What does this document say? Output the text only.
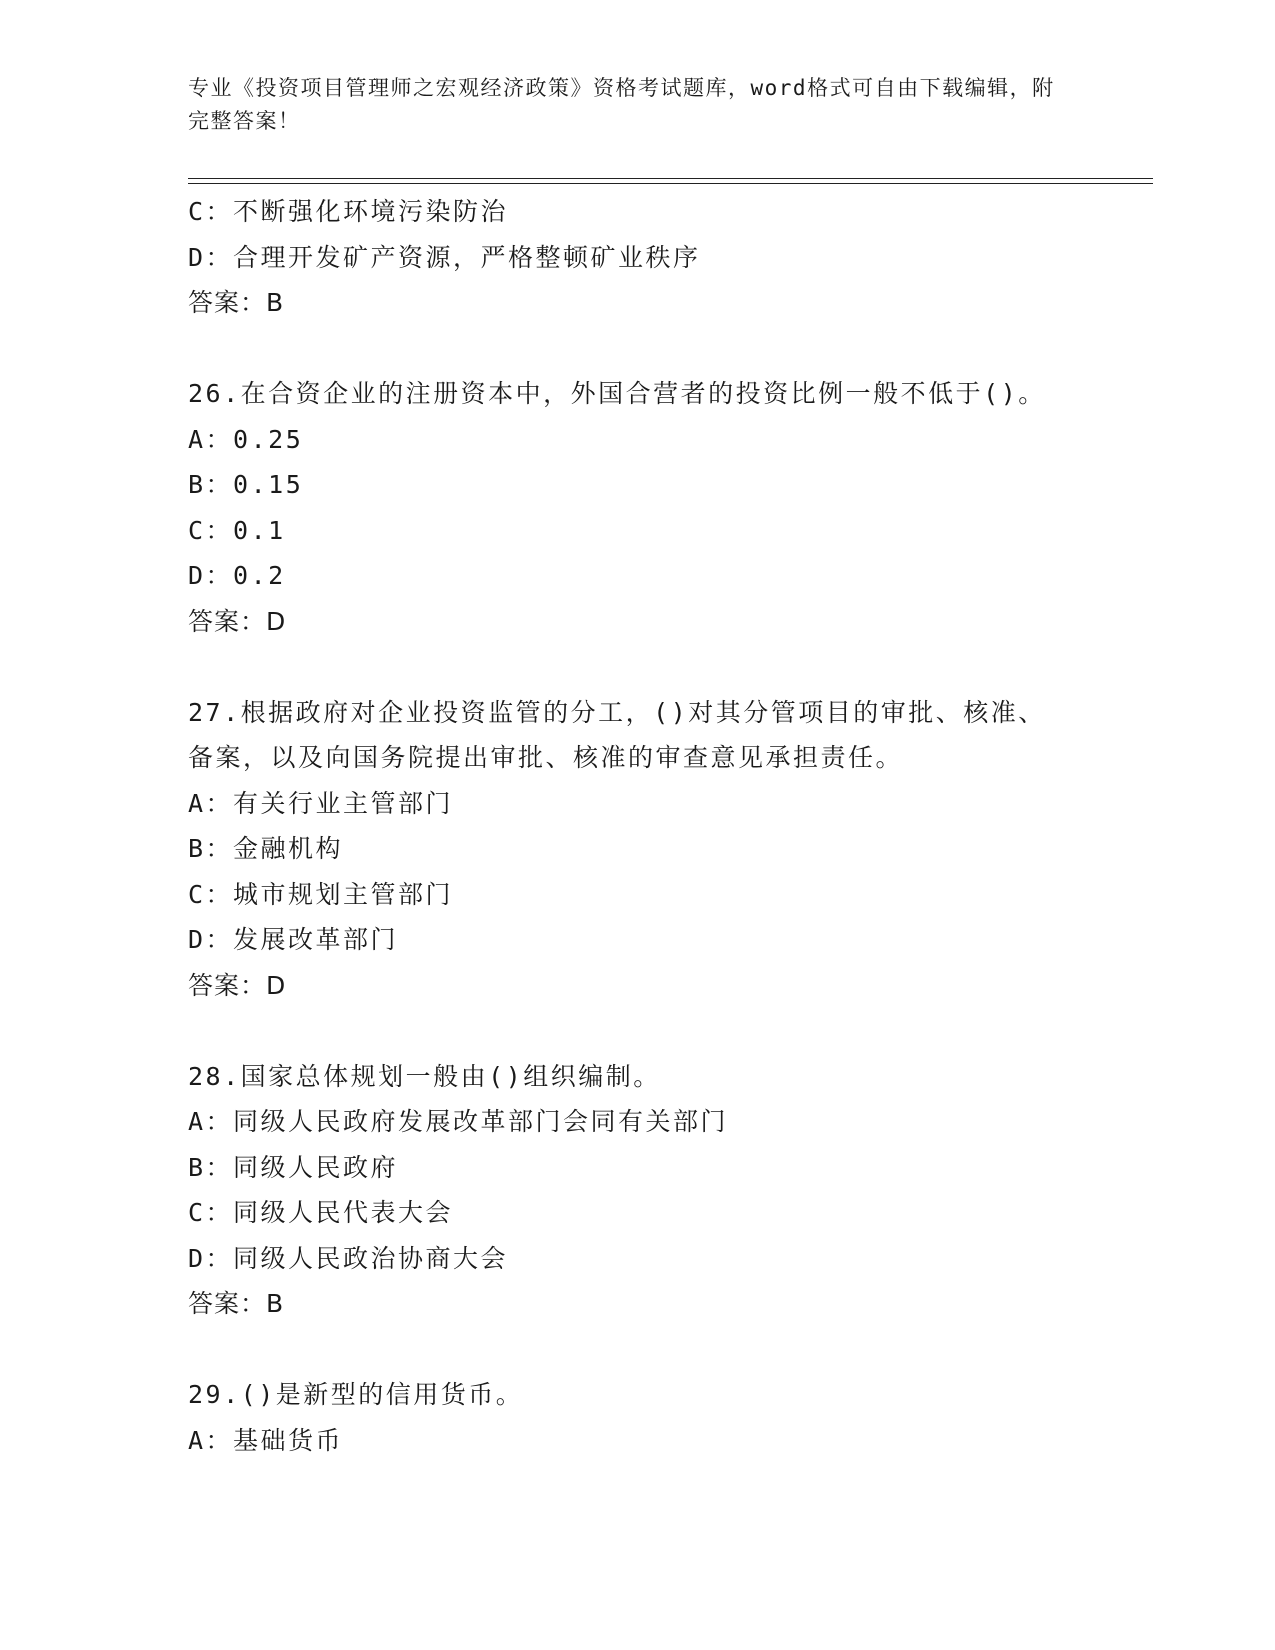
专业《投资项目管理师之宏观经济政策》资格考试题库，word格式可自由下载编辑，附完整答案！
C：不断强化环境污染防治
D：合理开发矿产资源，严格整顿矿业秩序
答案：B
26.在合资企业的注册资本中，外国合营者的投资比例一般不低于()。
A：0.25
B：0.15
C：0.1
D：0.2
答案：D
27.根据政府对企业投资监管的分工，()对其分管项目的审批、核准、
备案，以及向国务院提出审批、核准的审查意见承担责任。
A：有关行业主管部门
B：金融机构
C：城市规划主管部门
D：发展改革部门
答案：D
28.国家总体规划一般由()组织编制。
A：同级人民政府发展改革部门会同有关部门
B：同级人民政府
C：同级人民代表大会
D：同级人民政治协商大会
答案：B
29.()是新型的信用货币。
A：基础货币
